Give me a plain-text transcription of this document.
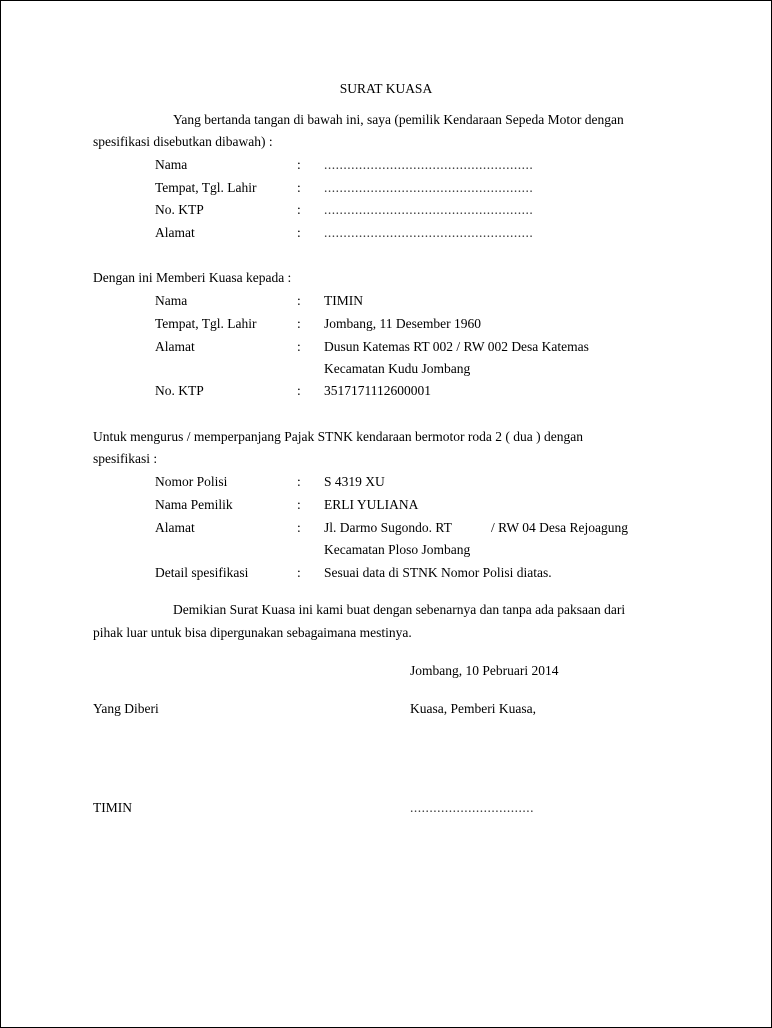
SURAT KUASA
Yang bertanda tangan di bawah ini, saya (pemilik Kendaraan Sepeda Motor dengan
spesifikasi disebutkan dibawah) :
Nama	: ......................................................
Tempat, Tgl. Lahir	: ......................................................
No. KTP	: ......................................................
Alamat	: ......................................................
Dengan ini Memberi Kuasa kepada :
Nama	: TIMIN
Tempat, Tgl. Lahir	: Jombang, 11 Desember 1960
Alamat	: Dusun Katemas RT 002 / RW 002 Desa Katemas
Kecamatan Kudu Jombang
No. KTP	: 3517171112600001
Untuk mengurus / memperpanjang Pajak STNK kendaraan bermotor roda 2 ( dua ) dengan
spesifikasi :
Nomor Polisi	: S 4319 XU
Nama Pemilik	: ERLI YULIANA
Alamat	: Jl. Darmo Sugondo. RT	/ RW 04 Desa Rejoagung
Kecamatan Ploso Jombang
Detail spesifikasi	: Sesuai data di STNK Nomor Polisi diatas.
Demikian Surat Kuasa ini kami buat dengan sebenarnya dan tanpa ada paksaan dari
pihak luar untuk bisa dipergunakan sebagaimana mestinya.
Jombang, 10 Pebruari 2014
Yang Diberi	Kuasa, Pemberi Kuasa,
TIMIN	................................
